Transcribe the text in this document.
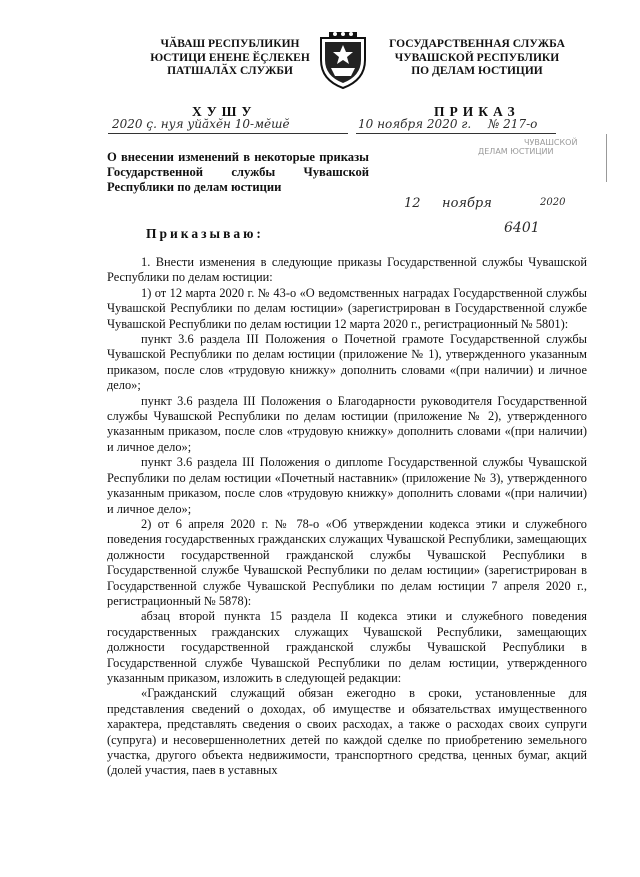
ЧӐВАШ РЕСПУБЛИКИН
ЮСТИЦИ ЕНЕНЕ ӖҪЛЕКЕН
ПАТШАЛӐХ СЛУЖБИ
ГОСУДАРСТВЕННАЯ СЛУЖБА
ЧУВАШСКОЙ РЕСПУБЛИКИ
ПО ДЕЛАМ ЮСТИЦИИ
ХУШУ	ПРИКАЗ
2020 ҫ. нуя уйӑхӗн 10-мӗшӗ	10 ноября 2020 г. № 217-о
ЧУВАШСКОЙ
ДЕЛАМ ЮСТИЦИИ
О внесении изменений в некоторые приказы Государственной службы Чувашской Республики по делам юстиции
12 ноября	2020
6401
Приказываю:

1. Внести изменения в следующие приказы Государственной службы Чувашской Республики по делам юстиции:

1) от 12 марта 2020 г. № 43-о «О ведомственных наградах Государственной службы Чувашской Республики по делам юстиции» (зарегистрирован в Государственной службе Чувашской Республики по делам юстиции 12 марта 2020 г., регистрационный № 5801):

пункт 3.6 раздела III Положения о Почетной грамоте Государственной службы Чувашской Республики по делам юстиции (приложение № 1), утвержденного указанным приказом, после слов «трудовую книжку» дополнить словами «(при наличии) и личное дело»;

пункт 3.6 раздела III Положения о Благодарности руководителя Государственной службы Чувашской Республики по делам юстиции (приложение № 2), утвержденного указанным приказом, после слов «трудовую книжку» дополнить словами «(при наличии) и личное дело»;

пункт 3.6 раздела III Положения о диплome Государственной службы Чувашской Республики по делам юстиции «Почетный наставник» (приложение № 3), утвержденного указанным приказом, после слов «трудовую книжку» дополнить словами «(при наличии) и личное дело»;

2) от 6 апреля 2020 г. № 78-о «Об утверждении кодекса этики и служебного поведения государственных гражданских служащих Чувашской Республики, замещающих должности государственной гражданской службы Чувашской Республики в Государственной службе Чувашской Республики по делам юстиции» (зарегистрирован в Государственной службе Чувашской Республики по делам юстиции 7 апреля 2020 г., регистрационный № 5878):

абзац второй пункта 15 раздела II кодекса этики и служебного поведения государственных гражданских служащих Чувашской Республики, замещающих должности государственной гражданской службы Чувашской Республики в Государственной службе Чувашской Республики по делам юстиции, утвержденного указанным приказом, изложить в следующей редакции:

«Гражданский служащий обязан ежегодно в сроки, установленные для представления сведений о доходах, об имуществе и обязательствах имущественного характера, представлять сведения о своих расходах, а также о расходах своих супруги (супруга) и несовершеннолетних детей по каждой сделке по приобретению земельного участка, другого объекта недвижимости, транспортного средства, ценных бумаг, акций (долей участия, паев в уставных
